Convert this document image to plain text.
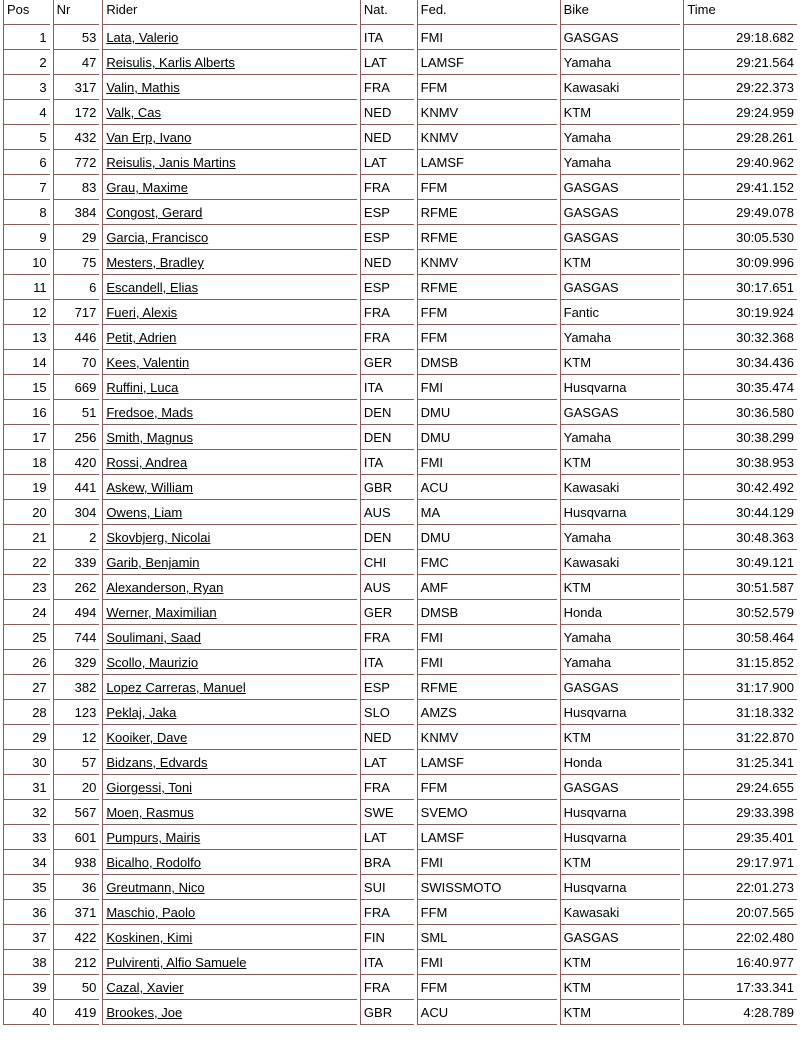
Pos	Nr	Rider	Nat.	Fed.	Bike	Time
1	53	Lata, Valerio	ITA	FMI	GASGAS	29:18.682
2	47	Reisulis, Karlis Alberts	LAT	LAMSF	Yamaha	29:21.564
3	317	Valin, Mathis	FRA	FFM	Kawasaki	29:22.373
4	172	Valk, Cas	NED	KNMV	KTM	29:24.959
5	432	Van Erp, Ivano	NED	KNMV	Yamaha	29:28.261
6	772	Reisulis, Janis Martins	LAT	LAMSF	Yamaha	29:40.962
7	83	Grau, Maxime	FRA	FFM	GASGAS	29:41.152
8	384	Congost, Gerard	ESP	RFME	GASGAS	29:49.078
9	29	Garcia, Francisco	ESP	RFME	GASGAS	30:05.530
10	75	Mesters, Bradley	NED	KNMV	KTM	30:09.996
11	6	Escandell, Elias	ESP	RFME	GASGAS	30:17.651
12	717	Fueri, Alexis	FRA	FFM	Fantic	30:19.924
13	446	Petit, Adrien	FRA	FFM	Yamaha	30:32.368
14	70	Kees, Valentin	GER	DMSB	KTM	30:34.436
15	669	Ruffini, Luca	ITA	FMI	Husqvarna	30:35.474
16	51	Fredsoe, Mads	DEN	DMU	GASGAS	30:36.580
17	256	Smith, Magnus	DEN	DMU	Yamaha	30:38.299
18	420	Rossi, Andrea	ITA	FMI	KTM	30:38.953
19	441	Askew, William	GBR	ACU	Kawasaki	30:42.492
20	304	Owens, Liam	AUS	MA	Husqvarna	30:44.129
21	2	Skovbjerg, Nicolai	DEN	DMU	Yamaha	30:48.363
22	339	Garib, Benjamin	CHI	FMC	Kawasaki	30:49.121
23	262	Alexanderson, Ryan	AUS	AMF	KTM	30:51.587
24	494	Werner, Maximilian	GER	DMSB	Honda	30:52.579
25	744	Soulimani, Saad	FRA	FMI	Yamaha	30:58.464
26	329	Scollo, Maurizio	ITA	FMI	Yamaha	31:15.852
27	382	Lopez Carreras, Manuel	ESP	RFME	GASGAS	31:17.900
28	123	Peklaj, Jaka	SLO	AMZS	Husqvarna	31:18.332
29	12	Kooiker, Dave	NED	KNMV	KTM	31:22.870
30	57	Bidzans, Edvards	LAT	LAMSF	Honda	31:25.341
31	20	Giorgessi, Toni	FRA	FFM	GASGAS	29:24.655
32	567	Moen, Rasmus	SWE	SVEMO	Husqvarna	29:33.398
33	601	Pumpurs, Mairis	LAT	LAMSF	Husqvarna	29:35.401
34	938	Bicalho, Rodolfo	BRA	FMI	KTM	29:17.971
35	36	Greutmann, Nico	SUI	SWISSMOTO	Husqvarna	22:01.273
36	371	Maschio, Paolo	FRA	FFM	Kawasaki	20:07.565
37	422	Koskinen, Kimi	FIN	SML	GASGAS	22:02.480
38	212	Pulvirenti, Alfio Samuele	ITA	FMI	KTM	16:40.977
39	50	Cazal, Xavier	FRA	FFM	KTM	17:33.341
40	419	Brookes, Joe	GBR	ACU	KTM	4:28.789
